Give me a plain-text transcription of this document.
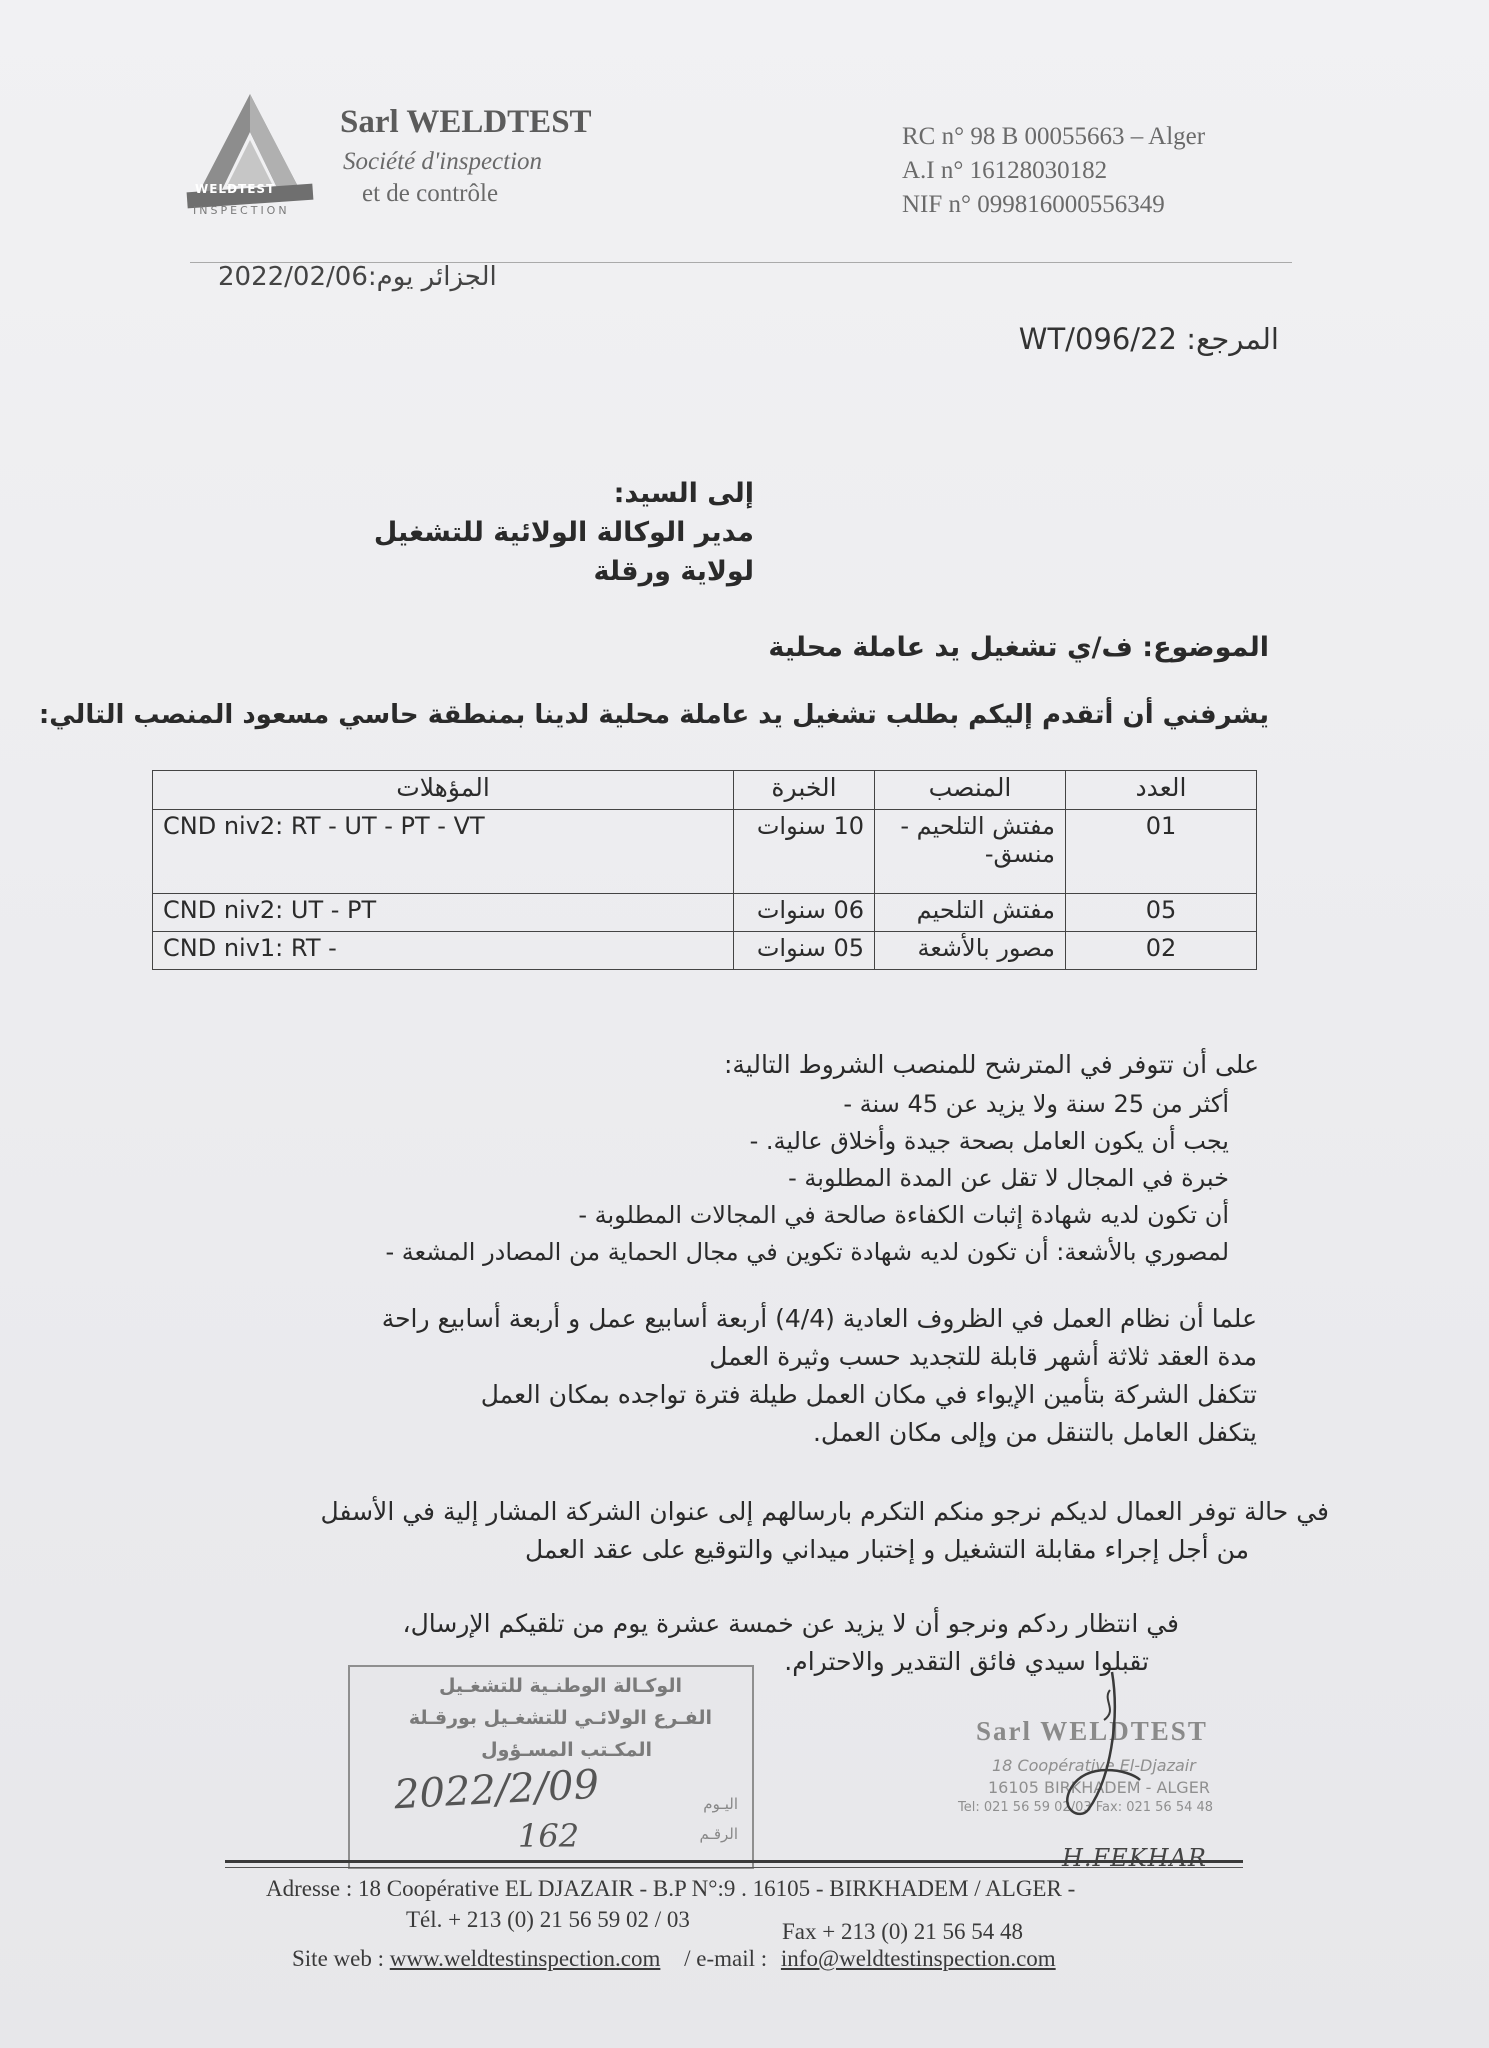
WELDTEST
INSPECTION
Sarl WELDTEST
Société d'inspection
et de contrôle
RC n° 98 B 00055663 – Alger
A.I n° 16128030182
NIF n° 099816000556349
الجزائر يوم:2022/02/06
المرجع: WT/096/22
إلى السيد:
مدير الوكالة الولائية للتشغيل
لولاية ورقلة
الموضوع: ف/ي تشغيل يد عاملة محلية
يشرفني أن أتقدم إليكم بطلب تشغيل يد عاملة محلية لدينا بمنطقة حاسي مسعود المنصب التالي:
المؤهلات	الخبرة	المنصب	العدد
CND niv2: RT - UT - PT - VT	10 سنوات	مفتش التلحيم - منسق-	01
CND niv2: UT - PT	06 سنوات	مفتش التلحيم	05
CND niv1: RT -	05 سنوات	مصور بالأشعة	02
على أن تتوفر في المترشح للمنصب الشروط التالية:
أكثر من 25 سنة ولا يزيد عن 45 سنة -
يجب أن يكون العامل بصحة جيدة وأخلاق عالية. -
خبرة في المجال لا تقل عن المدة المطلوبة -
أن تكون لديه شهادة إثبات الكفاءة صالحة في المجالات المطلوبة -
لمصوري بالأشعة: أن تكون لديه شهادة تكوين في مجال الحماية من المصادر المشعة -
علما أن نظام العمل في الظروف العادية (4/4) أربعة أسابيع عمل و أربعة أسابيع راحة
مدة العقد ثلاثة أشهر قابلة للتجديد حسب وثيرة العمل
تتكفل الشركة بتأمين الإيواء في مكان العمل طيلة فترة تواجده بمكان العمل
يتكفل العامل بالتنقل من وإلى مكان العمل.
في حالة توفر العمال لديكم نرجو منكم التكرم بارسالهم إلى عنوان الشركة المشار إلية في الأسفل
من أجل إجراء مقابلة التشغيل و إختبار ميداني والتوقيع على عقد العمل
في انتظار ردكم ونرجو أن لا يزيد عن خمسة عشرة يوم من تلقيكم الإرسال،
تقبلوا سيدي فائق التقدير والاحترام.
الوكـالة الوطنـية للتشغـيل
الفـرع الولائـي للتشغـيل بورقـلة
المكـتب المسـؤول
اليـوم
الرقـم
2022/2/09
162
Sarl WELDTEST
18 Coopérative El-Djazair
16105 BIRKHADEM - ALGER
Tel: 021 56 59 02/03 Fax: 021 56 54 48
H.FEKHAR
Adresse : 18 Coopérative EL DJAZAIR - B.P N°:9 . 16105 - BIRKHADEM / ALGER -
Tél. + 213 (0) 21 56 59 02 / 03	Fax + 213 (0) 21 56 54 48
Site web : www.weldtestinspection.com / e-mail : info@weldtestinspection.com
